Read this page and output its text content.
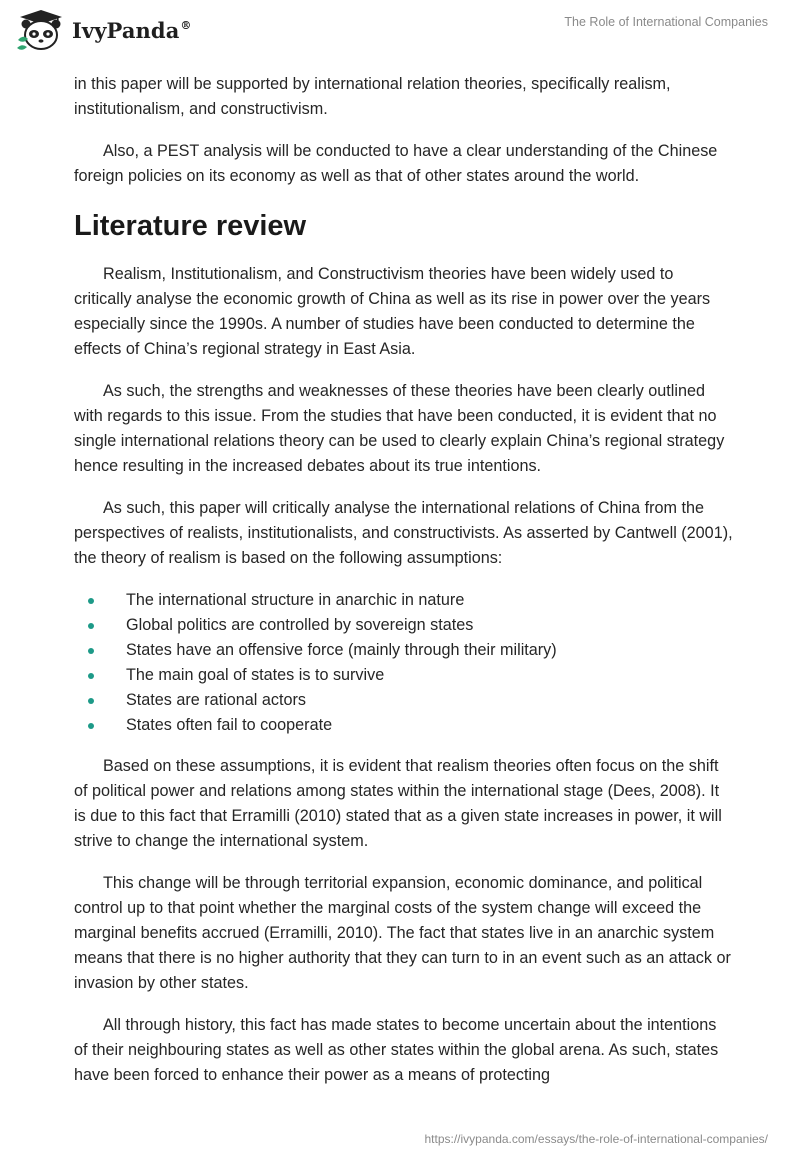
IvyPanda®	The Role of International Companies

in this paper will be supported by international relation theories, specifically realism, institutionalism, and constructivism.

Also, a PEST analysis will be conducted to have a clear understanding of the Chinese foreign policies on its economy as well as that of other states around the world.

Literature review

Realism, Institutionalism, and Constructivism theories have been widely used to critically analyse the economic growth of China as well as its rise in power over the years especially since the 1990s. A number of studies have been conducted to determine the effects of China’s regional strategy in East Asia.

As such, the strengths and weaknesses of these theories have been clearly outlined with regards to this issue. From the studies that have been conducted, it is evident that no single international relations theory can be used to clearly explain China’s regional strategy hence resulting in the increased debates about its true intentions.

As such, this paper will critically analyse the international relations of China from the perspectives of realists, institutionalists, and constructivists. As asserted by Cantwell (2001), the theory of realism is based on the following assumptions:

The international structure in anarchic in nature
Global politics are controlled by sovereign states
States have an offensive force (mainly through their military)
The main goal of states is to survive
States are rational actors
States often fail to cooperate

Based on these assumptions, it is evident that realism theories often focus on the shift of political power and relations among states within the international stage (Dees, 2008). It is due to this fact that Erramilli (2010) stated that as a given state increases in power, it will strive to change the international system.

This change will be through territorial expansion, economic dominance, and political control up to that point whether the marginal costs of the system change will exceed the marginal benefits accrued (Erramilli, 2010). The fact that states live in an anarchic system means that there is no higher authority that they can turn to in an event such as an attack or invasion by other states.

All through history, this fact has made states to become uncertain about the intentions of their neighbouring states as well as other states within the global arena. As such, states have been forced to enhance their power as a means of protecting

https://ivypanda.com/essays/the-role-of-international-companies/
